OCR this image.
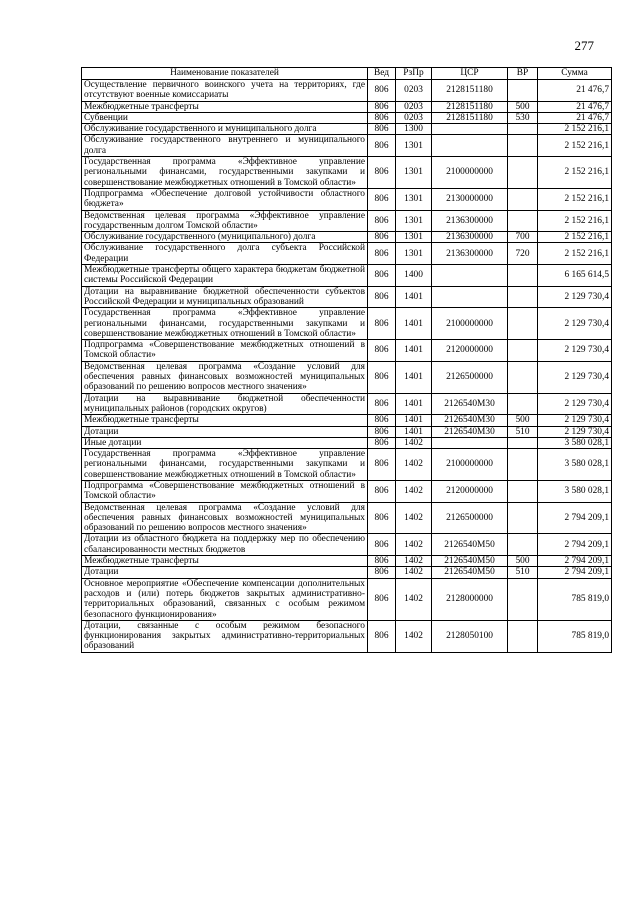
277
Наименование показателей	Вед	РзПр	ЦСР	ВР	Сумма
Осуществление первичного воинского учета на территориях, где отсутствуют военные комиссариаты	806	0203	2128151180		21 476,7
Межбюджетные трансферты	806	0203	2128151180	500	21 476,7
Субвенции	806	0203	2128151180	530	21 476,7
Обслуживание государственного и муниципального долга	806	1300			2 152 216,1
Обслуживание государственного внутреннего и муниципального долга	806	1301			2 152 216,1
Государственная программа «Эффективное управление региональными финансами, государственными закупками и совершенствование межбюджетных отношений в Томской области»	806	1301	2100000000		2 152 216,1
Подпрограмма «Обеспечение долговой устойчивости областного бюджета»	806	1301	2130000000		2 152 216,1
Ведомственная целевая программа «Эффективное управление государственным долгом Томской области»	806	1301	2136300000		2 152 216,1
Обслуживание государственного (муниципального) долга	806	1301	2136300000	700	2 152 216,1
Обслуживание государственного долга субъекта Российской Федерации	806	1301	2136300000	720	2 152 216,1
Межбюджетные трансферты общего характера бюджетам бюджетной системы Российской Федерации	806	1400			6 165 614,5
Дотации на выравнивание бюджетной обеспеченности субъектов Российской Федерации и муниципальных образований	806	1401			2 129 730,4
Государственная программа «Эффективное управление региональными финансами, государственными закупками и совершенствование межбюджетных отношений в Томской области»	806	1401	2100000000		2 129 730,4
Подпрограмма «Совершенствование межбюджетных отношений в Томской области»	806	1401	2120000000		2 129 730,4
Ведомственная целевая программа «Создание условий для обеспечения равных финансовых возможностей муниципальных образований по решению вопросов местного значения»	806	1401	2126500000		2 129 730,4
Дотации на выравнивание бюджетной обеспеченности муниципальных районов (городских округов)	806	1401	2126540М30		2 129 730,4
Межбюджетные трансферты	806	1401	2126540М30	500	2 129 730,4
Дотации	806	1401	2126540М30	510	2 129 730,4
Иные дотации	806	1402			3 580 028,1
Государственная программа «Эффективное управление региональными финансами, государственными закупками и совершенствование межбюджетных отношений в Томской области»	806	1402	2100000000		3 580 028,1
Подпрограмма «Совершенствование межбюджетных отношений в Томской области»	806	1402	2120000000		3 580 028,1
Ведомственная целевая программа «Создание условий для обеспечения равных финансовых возможностей муниципальных образований по решению вопросов местного значения»	806	1402	2126500000		2 794 209,1
Дотации из областного бюджета на поддержку мер по обеспечению сбалансированности местных бюджетов	806	1402	2126540М50		2 794 209,1
Межбюджетные трансферты	806	1402	2126540М50	500	2 794 209,1
Дотации	806	1402	2126540М50	510	2 794 209,1
Основное мероприятие «Обеспечение компенсации дополнительных расходов и (или) потерь бюджетов закрытых административно-территориальных образований, связанных с особым режимом безопасного функционирования»	806	1402	2128000000		785 819,0
Дотации, связанные с особым режимом безопасного функционирования закрытых административно-территориальных образований	806	1402	2128050100		785 819,0
